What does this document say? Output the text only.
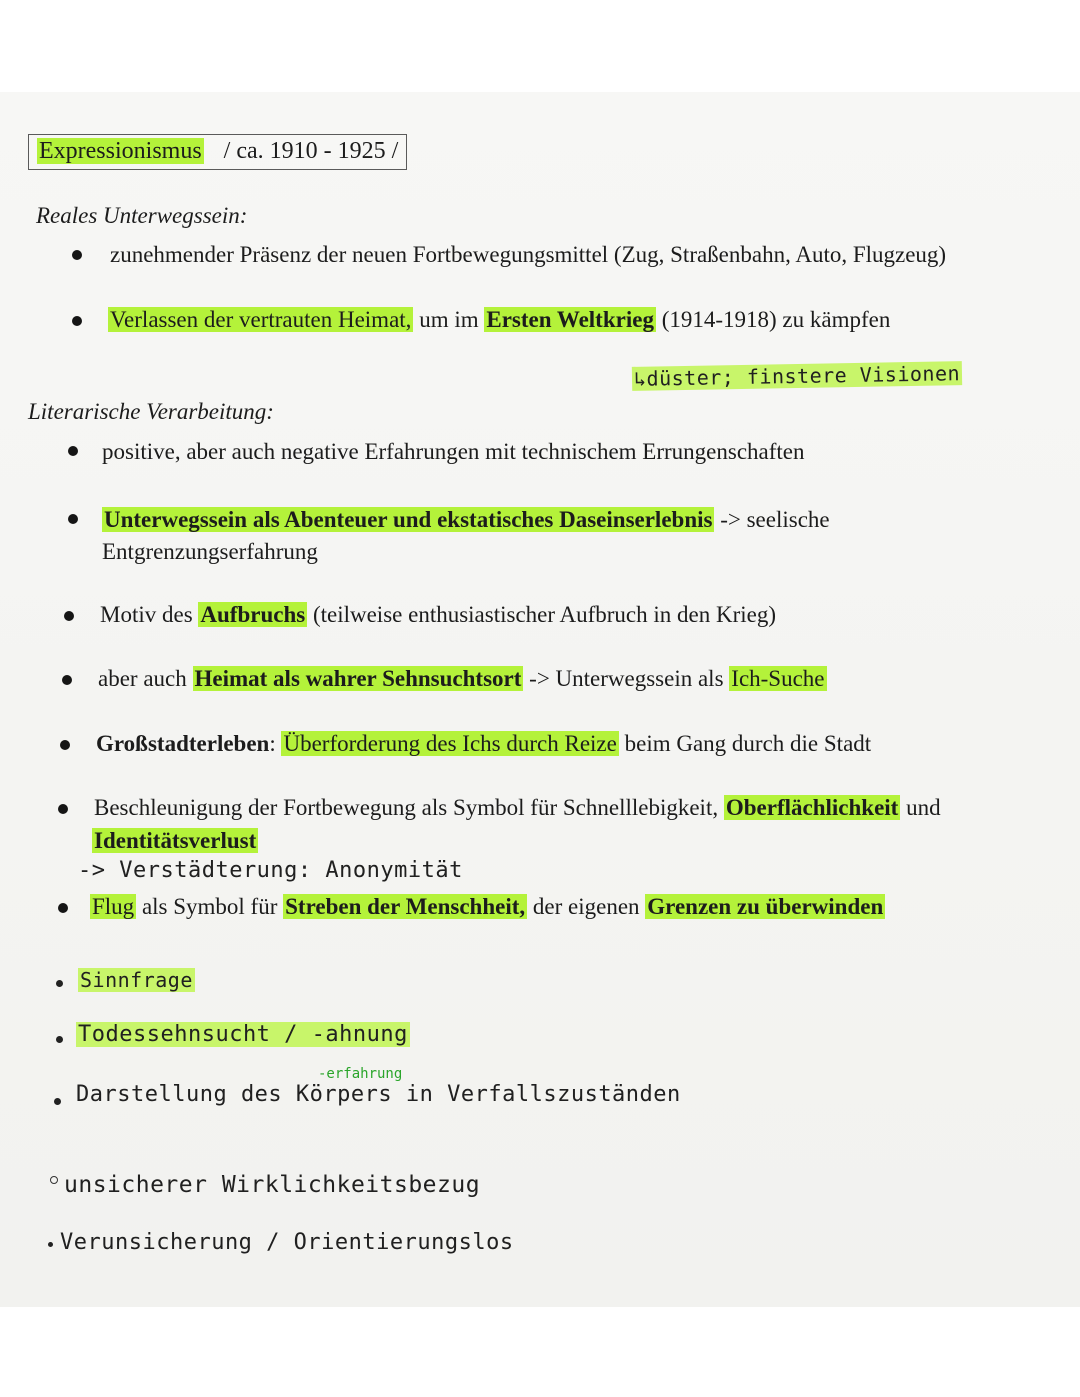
Expressionismus / ca. 1910 - 1925 /
Reales Unterwegssein:
zunehmender Präsenz der neuen Fortbewegungsmittel (Zug, Straßenbahn, Auto, Flugzeug)
Verlassen der vertrauten Heimat, um im Ersten Weltkrieg (1914-1918) zu kämpfen
↳düster; finstere Visionen
Literarische Verarbeitung:
positive, aber auch negative Erfahrungen mit technischem Errungenschaften
Unterwegssein als Abenteuer und ekstatisches Daseinserlebnis -> seelische
Entgrenzungserfahrung
Motiv des Aufbruchs (teilweise enthusiastischer Aufbruch in den Krieg)
aber auch Heimat als wahrer Sehnsuchtsort -> Unterwegssein als Ich-Suche
Großstadterleben: Überforderung des Ichs durch Reize beim Gang durch die Stadt
Beschleunigung der Fortbewegung als Symbol für Schnelllebigkeit, Oberflächlichkeit und
Identitätsverlust
-> Verstädterung: Anonymität
Flug als Symbol für Streben der Menschheit, der eigenen Grenzen zu überwinden
Sinnfrage
Todessehnsucht / -ahnung
-erfahrung
Darstellung des Körpers in Verfallszuständen
unsicherer Wirklichkeitsbezug
Verunsicherung / Orientierungslos
